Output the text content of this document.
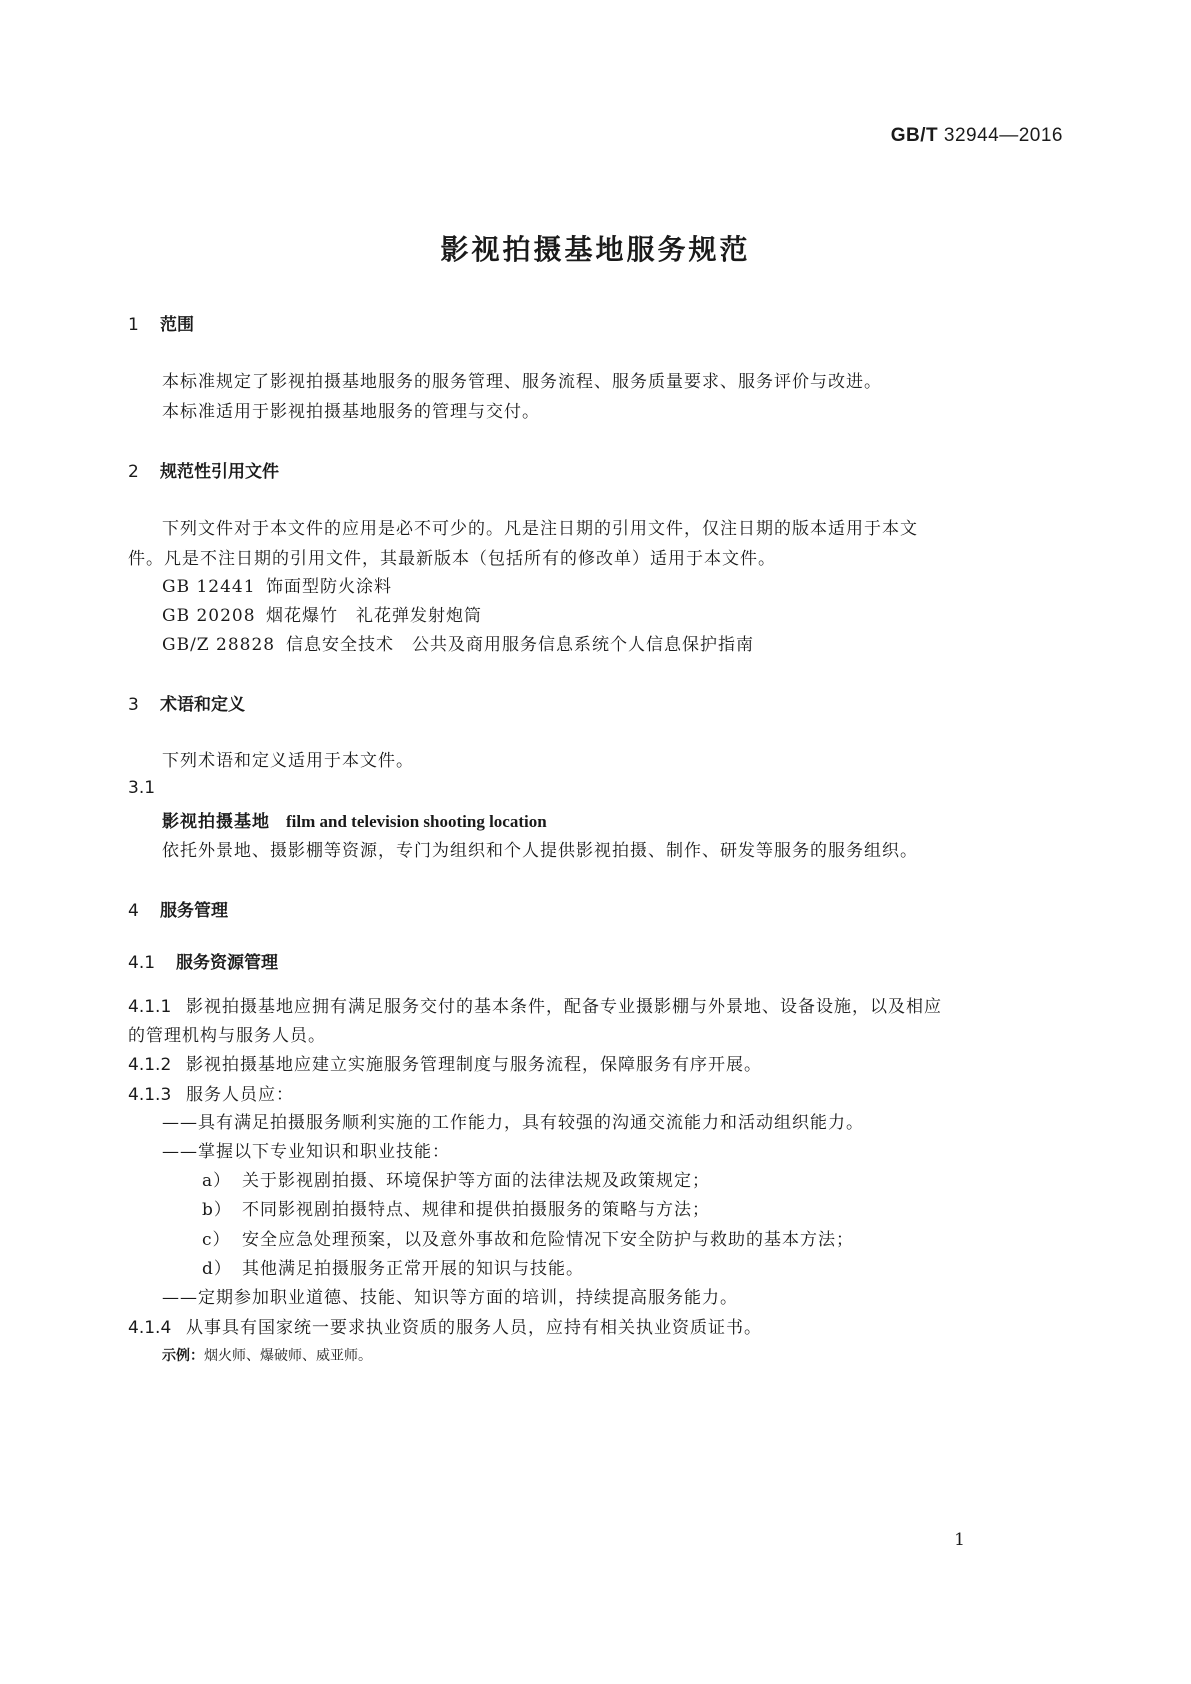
GB/T 32944—2016
影视拍摄基地服务规范
1 范围
本标准规定了影视拍摄基地服务的服务管理、服务流程、服务质量要求、服务评价与改进。
本标准适用于影视拍摄基地服务的管理与交付。
2 规范性引用文件
下列文件对于本文件的应用是必不可少的。凡是注日期的引用文件，仅注日期的版本适用于本文
件。凡是不注日期的引用文件，其最新版本（包括所有的修改单）适用于本文件。
GB 12441 饰面型防火涂料
GB 20208 烟花爆竹　礼花弹发射炮筒
GB/Z 28828 信息安全技术　公共及商用服务信息系统个人信息保护指南
3 术语和定义
下列术语和定义适用于本文件。
3.1
影视拍摄基地 film and television shooting location
依托外景地、摄影棚等资源，专门为组织和个人提供影视拍摄、制作、研发等服务的服务组织。
4 服务管理
4.1 服务资源管理
4.1.1 影视拍摄基地应拥有满足服务交付的基本条件，配备专业摄影棚与外景地、设备设施，以及相应
的管理机构与服务人员。
4.1.2 影视拍摄基地应建立实施服务管理制度与服务流程，保障服务有序开展。
4.1.3 服务人员应：
——具有满足拍摄服务顺利实施的工作能力，具有较强的沟通交流能力和活动组织能力。
——掌握以下专业知识和职业技能：
a） 关于影视剧拍摄、环境保护等方面的法律法规及政策规定；
b） 不同影视剧拍摄特点、规律和提供拍摄服务的策略与方法；
c） 安全应急处理预案，以及意外事故和危险情况下安全防护与救助的基本方法；
d） 其他满足拍摄服务正常开展的知识与技能。
——定期参加职业道德、技能、知识等方面的培训，持续提高服务能力。
4.1.4 从事具有国家统一要求执业资质的服务人员，应持有相关执业资质证书。
示例：烟火师、爆破师、威亚师。
1
